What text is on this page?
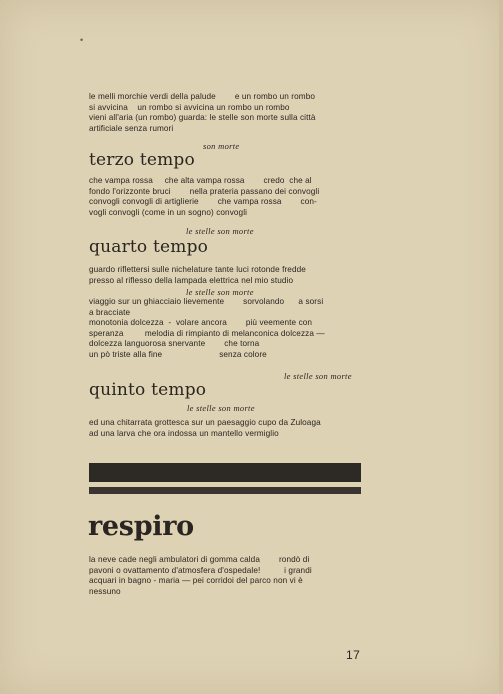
•
le melli morchie verdi della palude        e un rombo un rombo
si avvicina    un rombo si avvicina un rombo un rombo
vieni all'aria (un rombo) guarda: le stelle son morte sulla città
artificiale senza rumori
son morte
terzo tempo
che vampa rossa     che alta vampa rossa        credo  che al
fondo l'orizzonte bruci        nella prateria passano dei convogli
convogli convogli di artiglierie        che vampa rossa        con-
vogli convogli (come in un sogno) convogli
le stelle son morte
quarto tempo
guardo riflettersi sulle nichelature tante luci rotonde fredde
presso al riflesso della lampada elettrica nel mio studio
le stelle son morte
viaggio sur un ghiacciaio lievemente        sorvolando      a sorsi
a bracciate
monotonia dolcezza  -  volare ancora        più veemente con
speranza         melodia di rimpianto di melanconica dolcezza —
dolcezza languorosa snervante        che torna
un pò triste alla fine                        senza colore
le stelle son morte
quinto tempo
le stelle son morte
ed una chitarrata grottesca sur un paesaggio cupo da Zuloaga
ad una larva che ora indossa un mantello vermiglio
respiro
la neve cade negli ambulatori di gomma calda        rondò di
pavoni o ovattamento d'atmosfera d'ospedale!          i grandi
acquari in bagno - maria — pei corridoi del parco non vi è
nessuno
17
